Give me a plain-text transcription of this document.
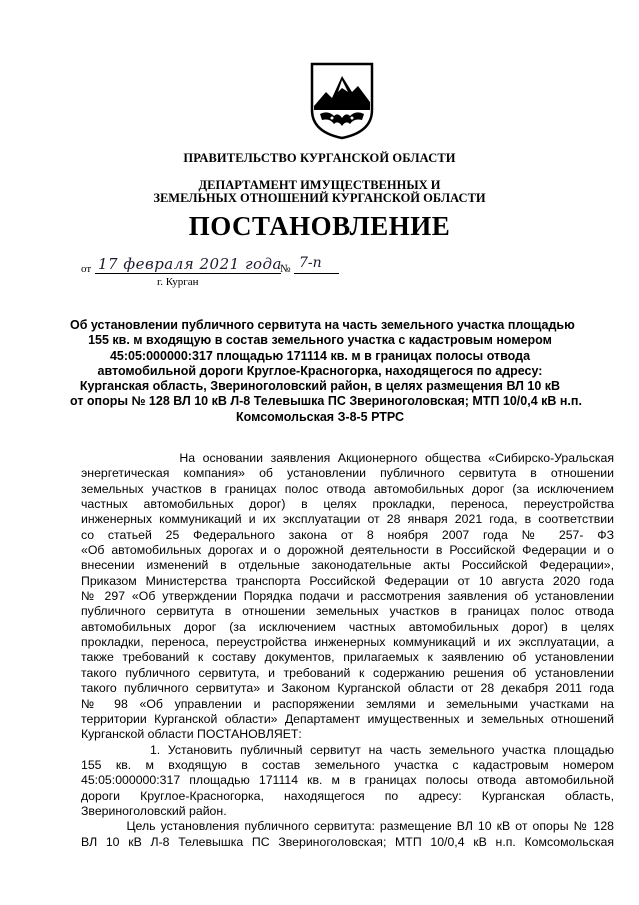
ПРАВИТЕЛЬСТВО КУРГАНСКОЙ ОБЛАСТИ
ДЕПАРТАМЕНТ ИМУЩЕСТВЕННЫХ И
ЗЕМЕЛЬНЫХ ОТНОШЕНИЙ КУРГАНСКОЙ ОБЛАСТИ
ПОСТАНОВЛЕНИЕ
от 17 февраля 2021 года
№ 7-п
г. Курган
Об установлении публичного сервитута на часть земельного участка площадью
155 кв. м входящую в состав земельного участка с кадастровым номером
45:05:000000:317 площадью 171114 кв. м в границах полосы отвода
автомобильной дороги Круглое-Красногорка, находящегося по адресу:
Курганская область, Звериноголовский район, в целях размещения ВЛ 10 кВ
от опоры № 128 ВЛ 10 кВ Л-8 Телевышка ПС Звериноголовская; МТП 10/0,4 кВ н.п.
Комсомольская З-8-5 РТРС
На основании заявления Акционерного общества «Сибирско-Уральская
энергетическая компания» об установлении публичного сервитута в отношении
земельных участков в границах полос отвода автомобильных дорог (за исключением
частных автомобильных дорог) в целях прокладки, переноса, переустройства
инженерных коммуникаций и их эксплуатации от 28 января 2021 года, в соответствии
со статьей 25 Федерального закона от 8 ноября 2007 года № 257- ФЗ
«Об автомобильных дорогах и о дорожной деятельности в Российской Федерации и о
внесении изменений в отдельные законодательные акты Российской Федерации»,
Приказом Министерства транспорта Российской Федерации от 10 августа 2020 года
№ 297 «Об утверждении Порядка подачи и рассмотрения заявления об установлении
публичного сервитута в отношении земельных участков в границах полос отвода
автомобильных дорог (за исключением частных автомобильных дорог) в целях
прокладки, переноса, переустройства инженерных коммуникаций и их эксплуатации, а
также требований к составу документов, прилагаемых к заявлению об установлении
такого публичного сервитута, и требований к содержанию решения об установлении
такого публичного сервитута» и Законом Курганской области от 28 декабря 2011 года
№ 98 «Об управлении и распоряжении землями и земельными участками на
территории Курганской области» Департамент имущественных и земельных отношений
Курганской области ПОСТАНОВЛЯЕТ:
1. Установить публичный сервитут на часть земельного участка площадью
155 кв. м входящую в состав земельного участка с кадастровым номером
45:05:000000:317 площадью 171114 кв. м в границах полосы отвода автомобильной
дороги Круглое-Красногорка, находящегося по адресу: Курганская область,
Звериноголовский район.
Цель установления публичного сервитута: размещение ВЛ 10 кВ от опоры № 128
ВЛ 10 кВ Л-8 Телевышка ПС Звериноголовская; МТП 10/0,4 кВ н.п. Комсомольская
